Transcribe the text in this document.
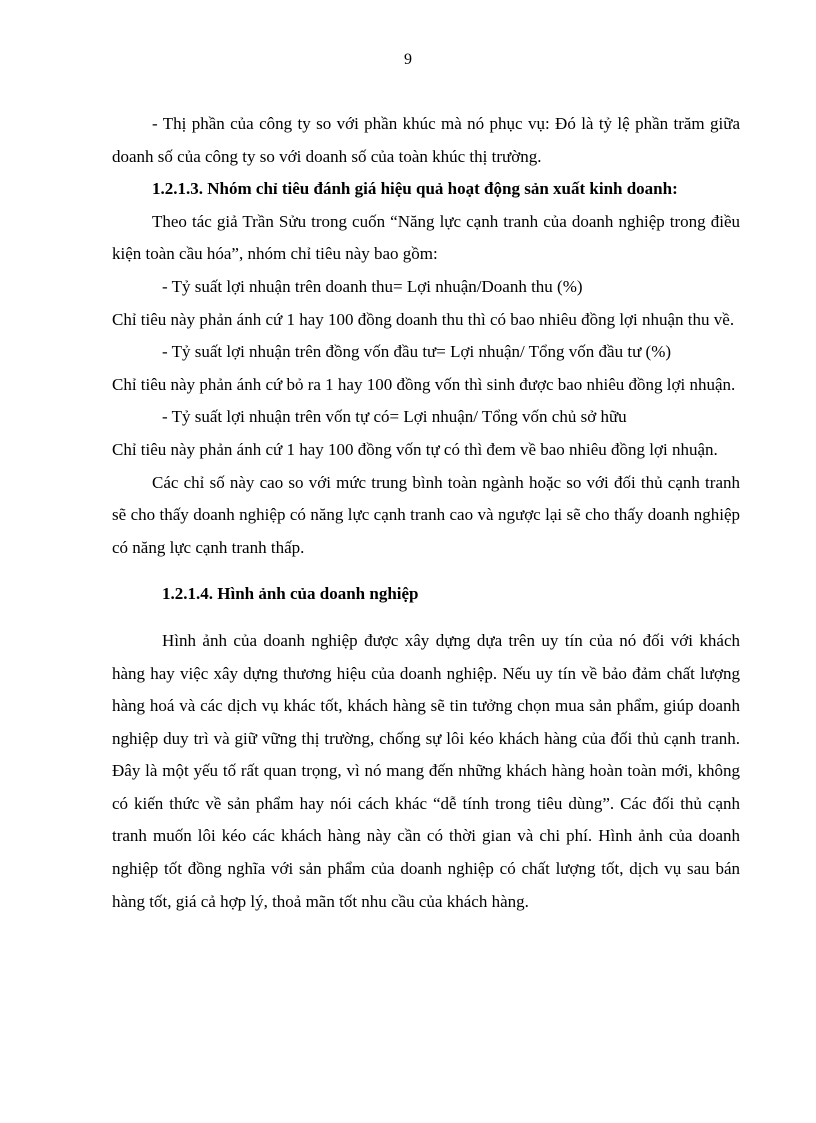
9

- Thị phần của công ty so với phần khúc mà nó phục vụ: Đó là tỷ lệ phần trăm giữa doanh số của công ty so với doanh số của toàn khúc thị trường.

1.2.1.3. Nhóm chỉ tiêu đánh giá hiệu quả hoạt động sản xuất kinh doanh:

Theo tác giả Trần Sửu trong cuốn “Năng lực cạnh tranh của doanh nghiệp trong điều kiện toàn cầu hóa”, nhóm chỉ tiêu này bao gồm:

- Tỷ suất lợi nhuận trên doanh thu= Lợi nhuận/Doanh thu (%)

Chỉ tiêu này phản ánh cứ 1 hay 100 đồng doanh thu thì có bao nhiêu đồng lợi nhuận thu về.

- Tỷ suất lợi nhuận trên đồng vốn đầu tư= Lợi nhuận/ Tổng vốn đầu tư (%)

Chỉ tiêu này phản ánh cứ bỏ ra 1 hay 100 đồng vốn thì sinh được bao nhiêu đồng lợi nhuận.

- Tỷ suất lợi nhuận trên vốn tự có= Lợi nhuận/ Tổng vốn chủ sở hữu

Chỉ tiêu này phản ánh cứ 1 hay 100 đồng vốn tự có thì đem về bao nhiêu đồng lợi nhuận.

Các chỉ số này cao so với mức trung bình toàn ngành hoặc so với đối thủ cạnh tranh sẽ cho thấy doanh nghiệp có năng lực cạnh tranh cao và ngược lại sẽ cho thấy doanh nghiệp có năng lực cạnh tranh thấp.

1.2.1.4. Hình ảnh của doanh nghiệp

Hình ảnh của doanh nghiệp được xây dựng dựa trên uy tín của nó đối với khách hàng hay việc xây dựng thương hiệu của doanh nghiệp. Nếu uy tín về bảo đảm chất lượng hàng hoá và các dịch vụ khác tốt, khách hàng sẽ tin tưởng chọn mua sản phẩm, giúp doanh nghiệp duy trì và giữ vững thị trường, chống sự lôi kéo khách hàng của đối thủ cạnh tranh. Đây là một yếu tố rất quan trọng, vì nó mang đến những khách hàng hoàn toàn mới, không có kiến thức về sản phẩm hay nói cách khác “dễ tính trong tiêu dùng”. Các đối thủ cạnh tranh muốn lôi kéo các khách hàng này cần có thời gian và chi phí. Hình ảnh của doanh nghiệp tốt đồng nghĩa với sản phẩm của doanh nghiệp có chất lượng tốt, dịch vụ sau bán hàng tốt, giá cả hợp lý, thoả mãn tốt nhu cầu của khách hàng.
